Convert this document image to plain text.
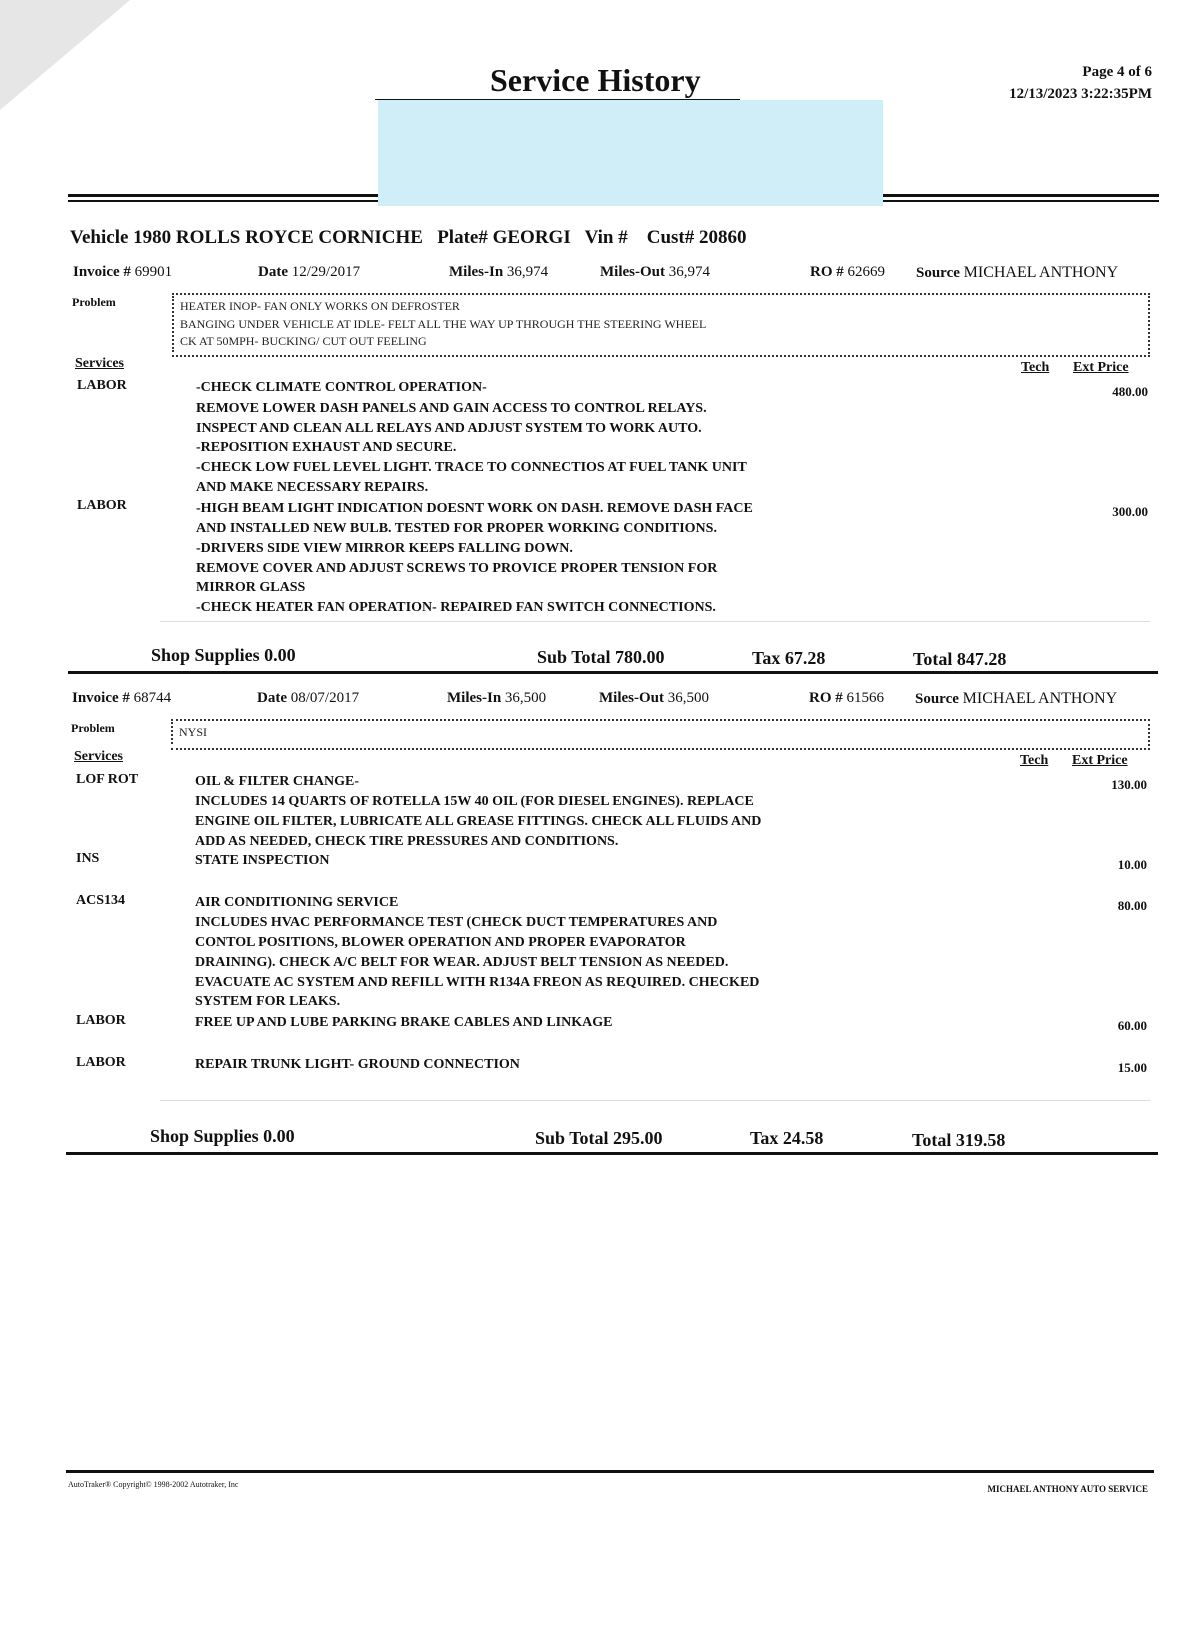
Service History	Page 4 of 6
12/13/2023 3:22:35PM
Vehicle 1980 ROLLS ROYCE CORNICHE   Plate# GEORGI   Vin #    Cust# 20860
Invoice # 69901	Date 12/29/2017	Miles-In 36,974	Miles-Out 36,974	RO # 62669 Source MICHAEL ANTHONY
Problem	HEATER INOP- FAN ONLY WORKS ON DEFROSTER
BANGING UNDER VEHICLE AT IDLE- FELT ALL THE WAY UP THROUGH THE STEERING WHEEL
CK AT 50MPH- BUCKING/ CUT OUT FEELING
Services	Tech Ext Price
LABOR	480.00
-CHECK CLIMATE CONTROL OPERATION-
REMOVE LOWER DASH PANELS AND GAIN ACCESS TO CONTROL RELAYS.
INSPECT AND CLEAN ALL RELAYS AND ADJUST SYSTEM TO WORK AUTO.
-REPOSITION EXHAUST AND SECURE.
-CHECK LOW FUEL LEVEL LIGHT. TRACE TO CONNECTIOS AT FUEL TANK UNIT
AND MAKE NECESSARY REPAIRS.
LABOR	300.00
-HIGH BEAM LIGHT INDICATION DOESNT WORK ON DASH. REMOVE DASH FACE
AND INSTALLED NEW BULB. TESTED FOR PROPER WORKING CONDITIONS.
-DRIVERS SIDE VIEW MIRROR KEEPS FALLING DOWN.
REMOVE COVER AND ADJUST SCREWS TO PROVICE PROPER TENSION FOR
MIRROR GLASS
-CHECK HEATER FAN OPERATION- REPAIRED FAN SWITCH CONNECTIONS.
Shop Supplies 0.00	Sub Total 780.00	Tax 67.28	Total 847.28
Invoice # 68744	Date 08/07/2017	Miles-In 36,500	Miles-Out 36,500	RO # 61566 Source MICHAEL ANTHONY
Problem	NYSI
Services	Tech Ext Price
LOF ROT	130.00
OIL & FILTER CHANGE-
INCLUDES 14 QUARTS OF ROTELLA 15W 40 OIL (FOR DIESEL ENGINES). REPLACE
ENGINE OIL FILTER, LUBRICATE ALL GREASE FITTINGS. CHECK ALL FLUIDS AND
ADD AS NEEDED, CHECK TIRE PRESSURES AND CONDITIONS.
INS	10.00
STATE INSPECTION
ACS134	80.00
AIR CONDITIONING SERVICE
INCLUDES HVAC PERFORMANCE TEST (CHECK DUCT TEMPERATURES AND
CONTOL POSITIONS, BLOWER OPERATION AND PROPER EVAPORATOR
DRAINING). CHECK A/C BELT FOR WEAR. ADJUST BELT TENSION AS NEEDED.
EVACUATE AC SYSTEM AND REFILL WITH R134A FREON AS REQUIRED. CHECKED
SYSTEM FOR LEAKS.
LABOR	60.00
FREE UP AND LUBE PARKING BRAKE CABLES AND LINKAGE
LABOR	15.00
REPAIR TRUNK LIGHT- GROUND CONNECTION
Shop Supplies 0.00	Sub Total 295.00	Tax 24.58	Total 319.58
AutoTraker® Copyright© 1998-2002 Autotraker, Inc	MICHAEL ANTHONY AUTO SERVICE
